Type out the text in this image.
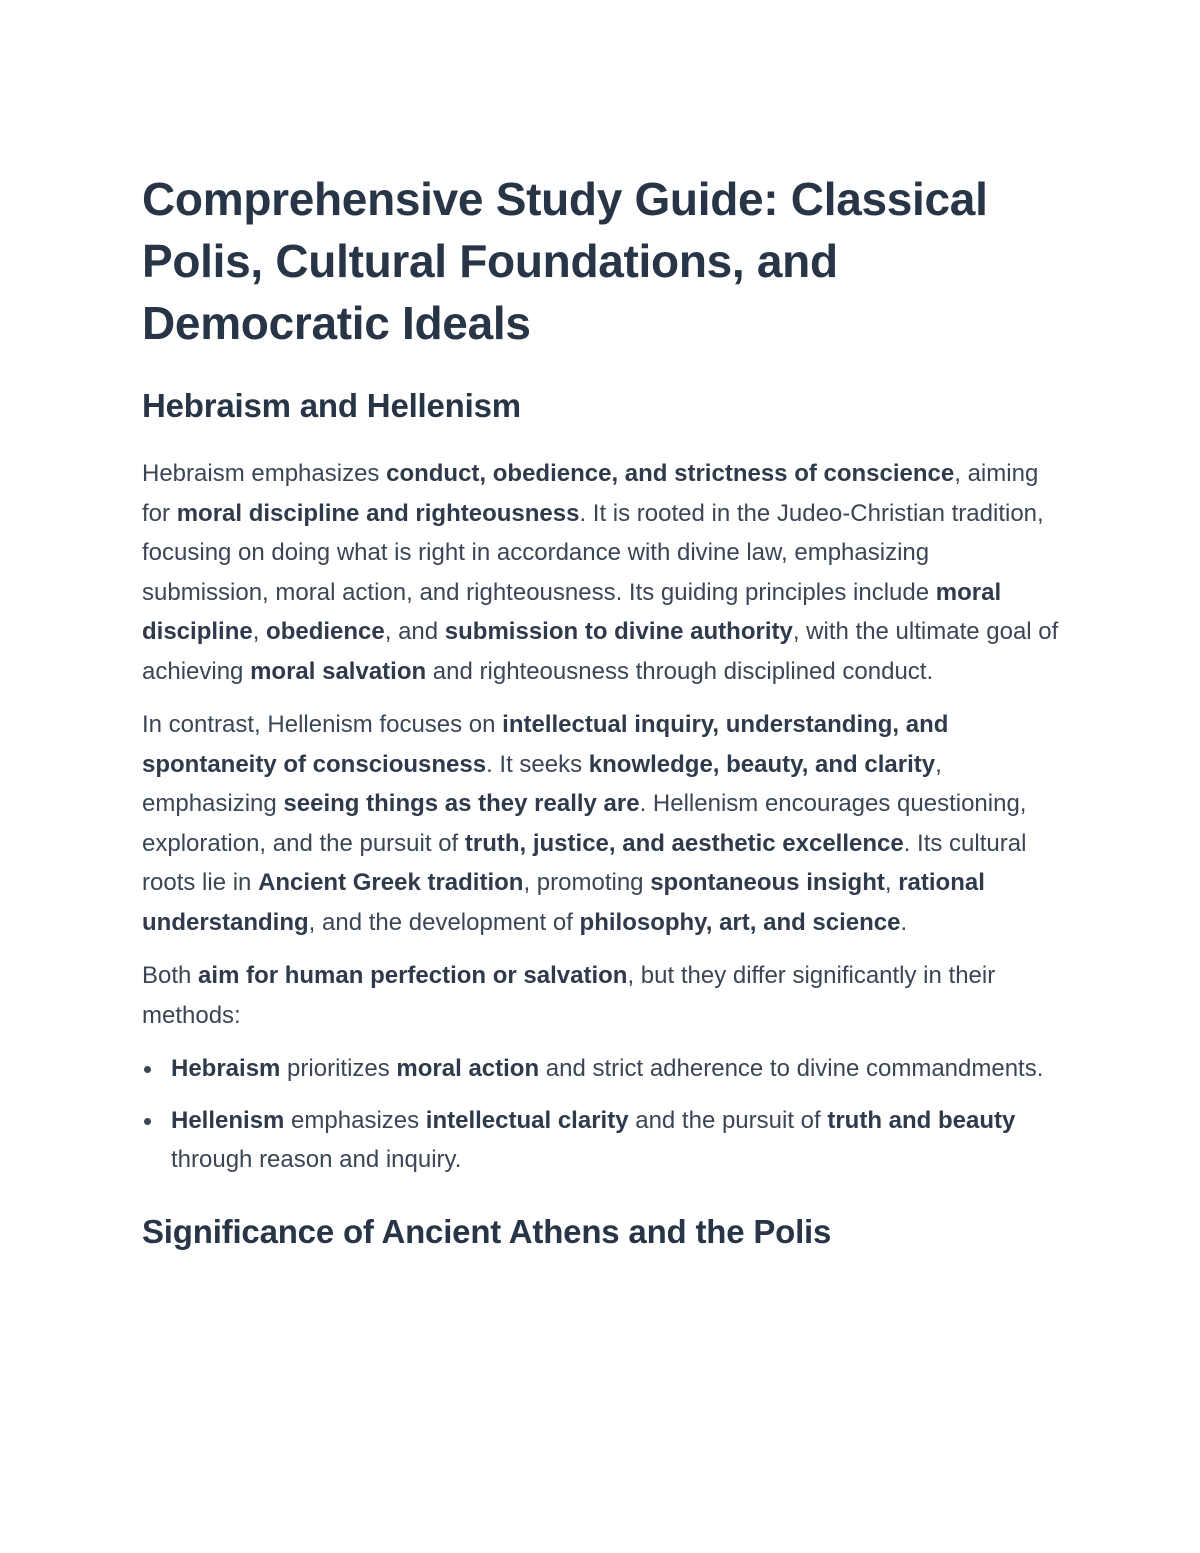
Comprehensive Study Guide: Classical Polis, Cultural Foundations, and Democratic Ideals
Hebraism and Hellenism

Hebraism emphasizes conduct, obedience, and strictness of conscience, aiming for moral discipline and righteousness. It is rooted in the Judeo-Christian tradition, focusing on doing what is right in accordance with divine law, emphasizing submission, moral action, and righteousness. Its guiding principles include moral discipline, obedience, and submission to divine authority, with the ultimate goal of achieving moral salvation and righteousness through disciplined conduct.

In contrast, Hellenism focuses on intellectual inquiry, understanding, and spontaneity of consciousness. It seeks knowledge, beauty, and clarity, emphasizing seeing things as they really are. Hellenism encourages questioning, exploration, and the pursuit of truth, justice, and aesthetic excellence. Its cultural roots lie in Ancient Greek tradition, promoting spontaneous insight, rational understanding, and the development of philosophy, art, and science.

Both aim for human perfection or salvation, but they differ significantly in their methods:

Hebraism prioritizes moral action and strict adherence to divine commandments.
Hellenism emphasizes intellectual clarity and the pursuit of truth and beauty through reason and inquiry.
Significance of Ancient Athens and the Polis
